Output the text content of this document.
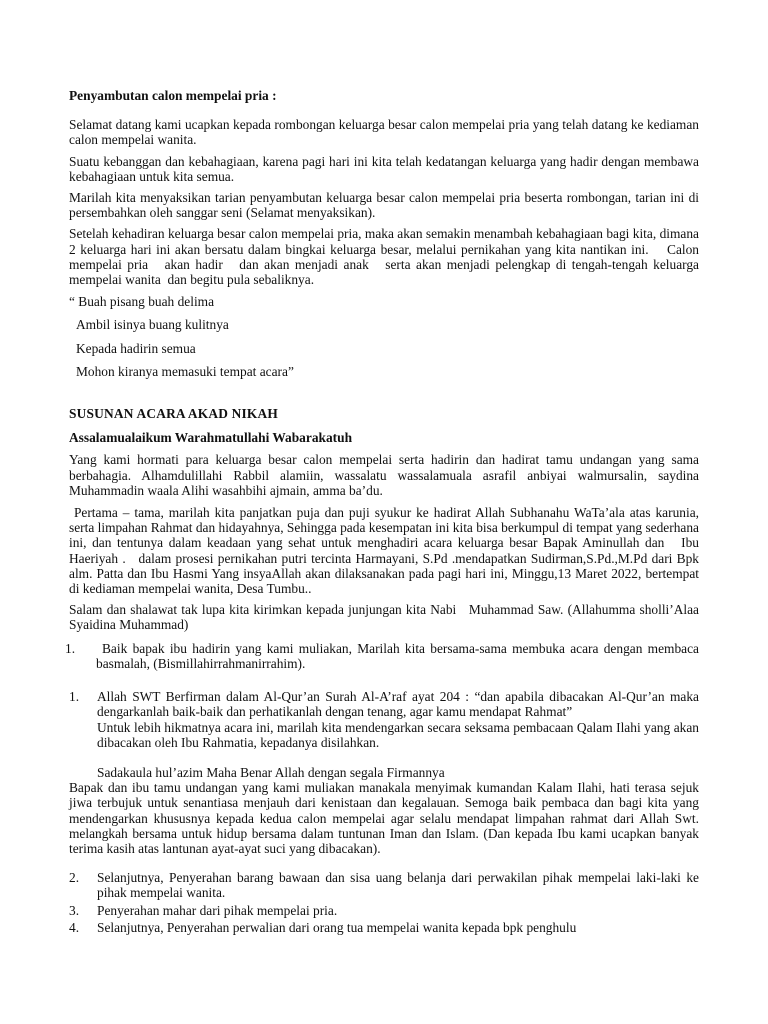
Penyambutan calon mempelai pria :

Selamat datang kami ucapkan kepada rombongan keluarga besar calon mempelai pria yang telah datang ke kediaman calon mempelai wanita.

Suatu kebanggan dan kebahagiaan, karena pagi hari ini kita telah kedatangan keluarga yang hadir dengan membawa kebahagiaan untuk kita semua.

Marilah kita menyaksikan tarian penyambutan keluarga besar calon mempelai pria beserta rombongan, tarian ini di persembahkan oleh sanggar seni (Selamat menyaksikan).

Setelah kehadiran keluarga besar calon mempelai pria, maka akan semakin menambah kebahagiaan bagi kita, dimana 2 keluarga hari ini akan bersatu dalam bingkai keluarga besar, melalui pernikahan yang kita nantikan ini.    Calon    mempelai pria   akan hadir   dan akan menjadi anak   serta akan menjadi pelengkap di tengah-tengah keluarga mempelai wanita  dan begitu pula sebaliknya.

“ Buah pisang buah delima

Ambil isinya buang kulitnya

Kepada hadirin semua

Mohon kiranya memasuki tempat acara”

SUSUNAN ACARA AKAD NIKAH

Assalamualaikum Warahmatullahi Wabarakatuh

Yang kami hormati para keluarga besar calon mempelai serta hadirin dan hadirat tamu undangan yang sama berbahagia. Alhamdulillahi Rabbil alamiin, wassalatu wassalamuala asrafil anbiyai walmursalin, saydina Muhammadin waala Alihi wasahbihi ajmain, amma ba’du.

Pertama – tama, marilah kita panjatkan puja dan puji syukur ke hadirat Allah Subhanahu WaTa’ala atas karunia, serta limpahan Rahmat dan hidayahnya, Sehingga pada kesempatan ini kita bisa berkumpul di tempat yang sederhana ini, dan tentunya dalam keadaan yang sehat untuk menghadiri acara keluarga besar Bapak Aminullah dan   Ibu Haeriyah .   dalam prosesi pernikahan putri tercinta Harmayani, S.Pd .mendapatkan Sudirman,S.Pd.,M.Pd dari Bpk  alm. Patta dan Ibu Hasmi Yang insyaAllah akan dilaksanakan pada pagi hari ini, Minggu,13 Maret 2022, bertempat di kediaman mempelai wanita, Desa Tumbu..

Salam dan shalawat tak lupa kita kirimkan kepada junjungan kita Nabi   Muhammad Saw. (Allahumma sholli’Alaa Syaidina Muhammad)

1.	Baik bapak ibu hadirin yang kami muliakan, Marilah kita bersama-sama membuka acara dengan membaca basmalah, (Bismillahirrahmanirrahim).

1. Allah SWT Berfirman dalam Al-Qur’an Surah Al-A’raf ayat 204 : “dan apabila dibacakan Al-Qur’an maka dengarkanlah baik-baik dan perhatikanlah dengan tenang, agar kamu mendapat Rahmat”

Untuk lebih hikmatnya acara ini, marilah kita mendengarkan secara seksama pembacaan Qalam Ilahi yang akan dibacakan oleh Ibu Rahmatia, kepadanya disilahkan.

Sadakaula hul’azim Maha Benar Allah dengan segala Firmannya

Bapak dan ibu tamu undangan yang kami muliakan manakala menyimak kumandan Kalam Ilahi, hati terasa sejuk jiwa terbujuk untuk senantiasa menjauh dari kenistaan dan kegalauan. Semoga baik pembaca dan bagi kita yang mendengarkan khususnya kepada kedua calon mempelai agar selalu mendapat limpahan rahmat dari Allah Swt. melangkah bersama untuk hidup bersama dalam tuntunan Iman dan Islam. (Dan kepada Ibu kami ucapkan banyak terima kasih atas lantunan ayat-ayat suci yang dibacakan).

2. Selanjutnya, Penyerahan barang bawaan dan sisa uang belanja dari perwakilan pihak mempelai laki-laki ke pihak mempelai wanita.

3. Penyerahan mahar dari pihak mempelai pria.

4. Selanjutnya, Penyerahan perwalian dari orang tua mempelai wanita kepada bpk penghulu
